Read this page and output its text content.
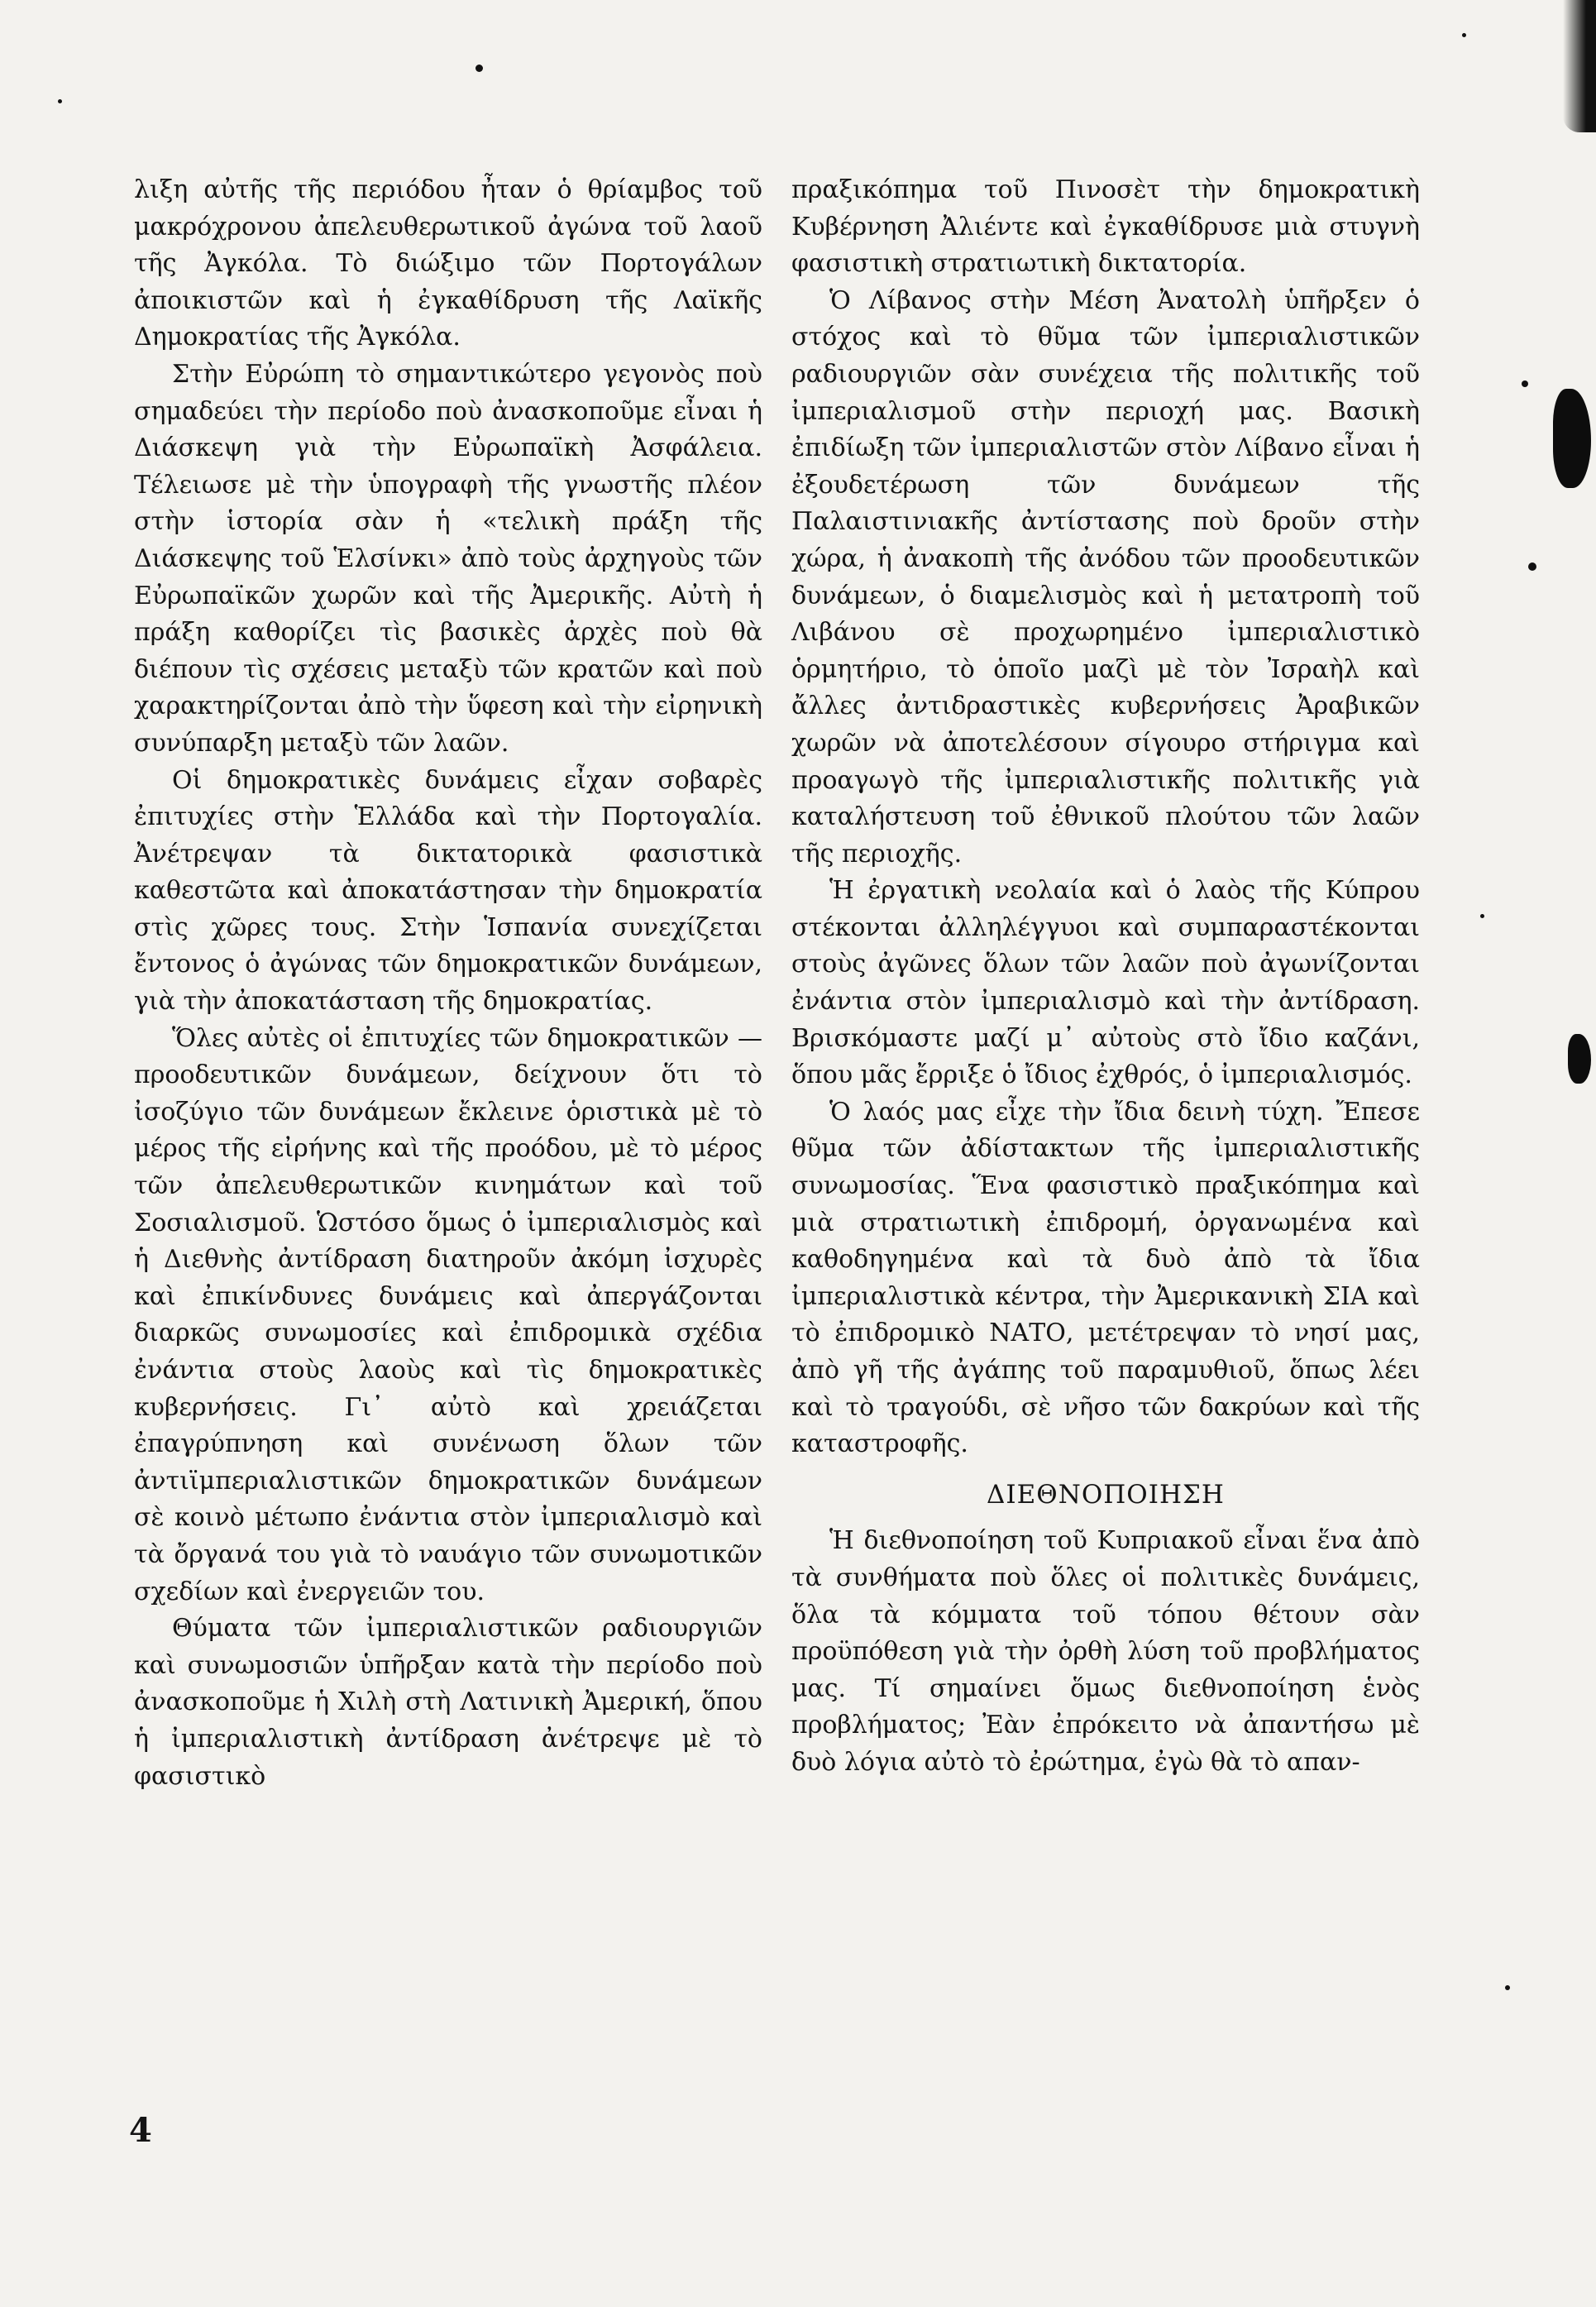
λιξη αὐτῆς τῆς περιόδου ἦταν ὁ θρίαμβος τοῦ μακρόχρονου ἀπελευθερωτικοῦ ἀγώνα τοῦ λαοῦ τῆς Ἀγκόλα. Τὸ διώξιμο τῶν Πορτογάλων ἀποικιστῶν καὶ ἡ ἐγκαθίδρυση τῆς Λαϊκῆς Δημοκρατίας τῆς Ἀγκόλα.

Στὴν Εὐρώπη τὸ σημαντικώτερο γεγονὸς ποὺ σημαδεύει τὴν περίοδο ποὺ ἀνασκοποῦμε εἶναι ἡ Διάσκεψη γιὰ τὴν Εὐρωπαϊκὴ Ἀσφάλεια. Τέλειωσε μὲ τὴν ὑπογραφὴ τῆς γνωστῆς πλέον στὴν ἱστορία σὰν ἡ «τελικὴ πράξη τῆς Διάσκεψης τοῦ Ἑλσίνκι» ἀπὸ τοὺς ἀρχηγοὺς τῶν Εὐρωπαϊκῶν χωρῶν καὶ τῆς Ἀμερικῆς. Αὐτὴ ἡ πράξη καθορίζει τὶς βασικὲς ἀρχὲς ποὺ θὰ διέπουν τὶς σχέσεις μεταξὺ τῶν κρατῶν καὶ ποὺ χαρακτηρίζονται ἀπὸ τὴν ὕφεση καὶ τὴν εἰρηνικὴ συνύπαρξη μεταξὺ τῶν λαῶν.

Οἱ δημοκρατικὲς δυνάμεις εἶχαν σοβαρὲς ἐπιτυχίες στὴν Ἑλλάδα καὶ τὴν Πορτογαλία. Ἀνέτρεψαν τὰ δικτατορικὰ φασιστικὰ καθεστῶτα καὶ ἀποκατάστησαν τὴν δημοκρατία στὶς χῶρες τους. Στὴν Ἱσπανία συνεχίζεται ἔντονος ὁ ἀγώνας τῶν δημοκρατικῶν δυνάμεων, γιὰ τὴν ἀποκατάσταση τῆς δημοκρατίας.

Ὅλες αὐτὲς οἱ ἐπιτυχίες τῶν δημοκρατικῶν — προοδευτικῶν δυνάμεων, δείχνουν ὅτι τὸ ἰσοζύγιο τῶν δυνάμεων ἔκλεινε ὁριστικὰ μὲ τὸ μέρος τῆς εἰρήνης καὶ τῆς προόδου, μὲ τὸ μέρος τῶν ἀπελευθερωτικῶν κινημάτων καὶ τοῦ Σοσιαλισμοῦ. Ὡστόσο ὅμως ὁ ἰμπεριαλισμὸς καὶ ἡ Διεθνὴς ἀντίδραση διατηροῦν ἀκόμη ἰσχυρὲς καὶ ἐπικίνδυνες δυνάμεις καὶ ἀπεργάζονται διαρκῶς συνωμοσίες καὶ ἐπιδρομικὰ σχέδια ἐνάντια στοὺς λαοὺς καὶ τὶς δημοκρατικὲς κυβερνήσεις. Γι᾽ αὐτὸ καὶ χρειάζεται ἐπαγρύπνηση καὶ συνένωση ὅλων τῶν ἀντιϊμπεριαλιστικῶν δημοκρατικῶν δυνάμεων σὲ κοινὸ μέτωπο ἐνάντια στὸν ἰμπεριαλισμὸ καὶ τὰ ὄργανά του γιὰ τὸ ναυάγιο τῶν συνωμοτικῶν σχεδίων καὶ ἐνεργειῶν του.

Θύματα τῶν ἰμπεριαλιστικῶν ραδιουργιῶν καὶ συνωμοσιῶν ὑπῆρξαν κατὰ τὴν περίοδο ποὺ ἀνασκοποῦμε ἡ Χιλὴ στὴ Λατινικὴ Ἀμερική, ὅπου ἡ ἰμπεριαλιστικὴ ἀντίδραση ἀνέτρεψε μὲ τὸ φασιστικὸ

πραξικόπημα τοῦ Πινοσὲτ τὴν δημοκρατικὴ Κυβέρνηση Ἀλιέντε καὶ ἐγκαθίδρυσε μιὰ στυγνὴ φασιστικὴ στρατιωτικὴ δικτατορία.

Ὁ Λίβανος στὴν Μέση Ἀνατολὴ ὑπῆρξεν ὁ στόχος καὶ τὸ θῦμα τῶν ἰμπεριαλιστικῶν ραδιουργιῶν σὰν συνέχεια τῆς πολιτικῆς τοῦ ἰμπεριαλισμοῦ στὴν περιοχή μας. Βασικὴ ἐπιδίωξη τῶν ἰμπεριαλιστῶν στὸν Λίβανο εἶναι ἡ ἐξουδετέρωση τῶν δυνάμεων τῆς Παλαιστινιακῆς ἀντίστασης ποὺ δροῦν στὴν χώρα, ἡ ἀνακοπὴ τῆς ἀνόδου τῶν προοδευτικῶν δυνάμεων, ὁ διαμελισμὸς καὶ ἡ μετατροπὴ τοῦ Λιβάνου σὲ προχωρημένο ἰμπεριαλιστικὸ ὁρμητήριο, τὸ ὁποῖο μαζὶ μὲ τὸν Ἰσραὴλ καὶ ἄλλες ἀντιδραστικὲς κυβερνήσεις Ἀραβικῶν χωρῶν νὰ ἀποτελέσουν σίγουρο στήριγμα καὶ προαγωγὸ τῆς ἰμπεριαλιστικῆς πολιτικῆς γιὰ καταλήστευση τοῦ ἐθνικοῦ πλούτου τῶν λαῶν τῆς περιοχῆς.

Ἡ ἐργατικὴ νεολαία καὶ ὁ λαὸς τῆς Κύπρου στέκονται ἀλληλέγγυοι καὶ συμπαραστέκονται στοὺς ἀγῶνες ὅλων τῶν λαῶν ποὺ ἀγωνίζονται ἐνάντια στὸν ἰμπεριαλισμὸ καὶ τὴν ἀντίδραση. Βρισκόμαστε μαζί μ᾽ αὐτοὺς στὸ ἴδιο καζάνι, ὅπου μᾶς ἔρριξε ὁ ἴδιος ἐχθρός, ὁ ἰμπεριαλισμός.

Ὁ λαός μας εἶχε τὴν ἴδια δεινὴ τύχη. Ἔπεσε θῦμα τῶν ἀδίστακτων τῆς ἰμπεριαλιστικῆς συνωμοσίας. Ἕνα φασιστικὸ πραξικόπημα καὶ μιὰ στρατιωτικὴ ἐπιδρομή, ὀργανωμένα καὶ καθοδηγημένα καὶ τὰ δυὸ ἀπὸ τὰ ἴδια ἰμπεριαλιστικὰ κέντρα, τὴν Ἀμερικανικὴ ΣΙΑ καὶ τὸ ἐπιδρομικὸ ΝΑΤΟ, μετέτρεψαν τὸ νησί μας, ἀπὸ γῆ τῆς ἀγάπης τοῦ παραμυθιοῦ, ὅπως λέει καὶ τὸ τραγούδι, σὲ νῆσο τῶν δακρύων καὶ τῆς καταστροφῆς.

ΔΙΕΘΝΟΠΟΙΗΣΗ

Ἡ διεθνοποίηση τοῦ Κυπριακοῦ εἶναι ἕνα ἀπὸ τὰ συνθήματα ποὺ ὅλες οἱ πολιτικὲς δυνάμεις, ὅλα τὰ κόμματα τοῦ τόπου θέτουν σὰν προϋπόθεση γιὰ τὴν ὀρθὴ λύση τοῦ προβλήματος μας. Τί σημαίνει ὅμως διεθνοποίηση ἑνὸς προβλήματος; Ἐὰν ἐπρόκειτο νὰ ἀπαντήσω μὲ δυὸ λόγια αὐτὸ τὸ ἐρώτημα, ἐγὼ θὰ τὸ απαν-

4
